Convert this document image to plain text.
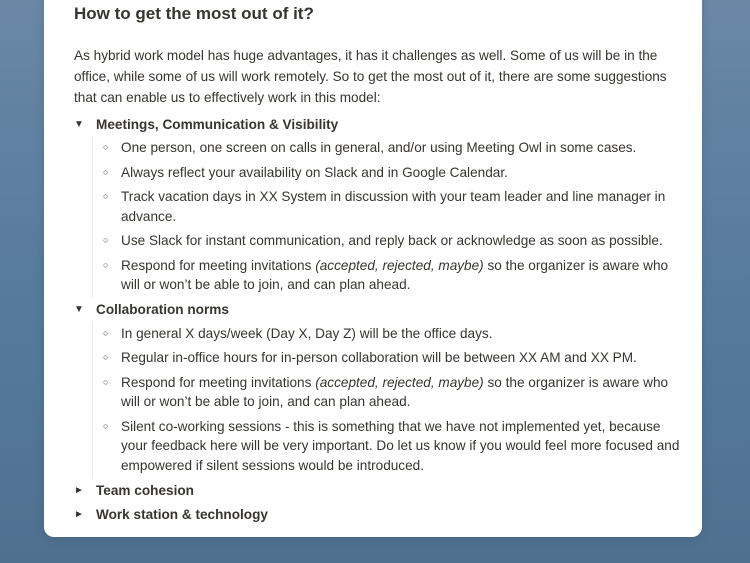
How to get the most out of it?
As hybrid work model has huge advantages, it has it challenges as well. Some of us will be in the office, while some of us will work remotely. So to get the most out of it, there are some suggestions that can enable us to effectively work in this model:
▼ Meetings, Communication & Visibility
○ One person, one screen on calls in general, and/or using Meeting Owl in some cases.
○ Always reflect your availability on Slack and in Google Calendar.
○ Track vacation days in XX System in discussion with your team leader and line manager in advance.
○ Use Slack for instant communication, and reply back or acknowledge as soon as possible.
○ Respond for meeting invitations (accepted, rejected, maybe) so the organizer is aware who will or won’t be able to join, and can plan ahead.
▼ Collaboration norms
○ In general X days/week (Day X, Day Z) will be the office days.
○ Regular in-office hours for in-person collaboration will be between XX AM and XX PM.
○ Respond for meeting invitations (accepted, rejected, maybe) so the organizer is aware who will or won’t be able to join, and can plan ahead.
○ Silent co-working sessions - this is something that we have not implemented yet, because your feedback here will be very important. Do let us know if you would feel more focused and empowered if silent sessions would be introduced.
► Team cohesion
► Work station & technology
